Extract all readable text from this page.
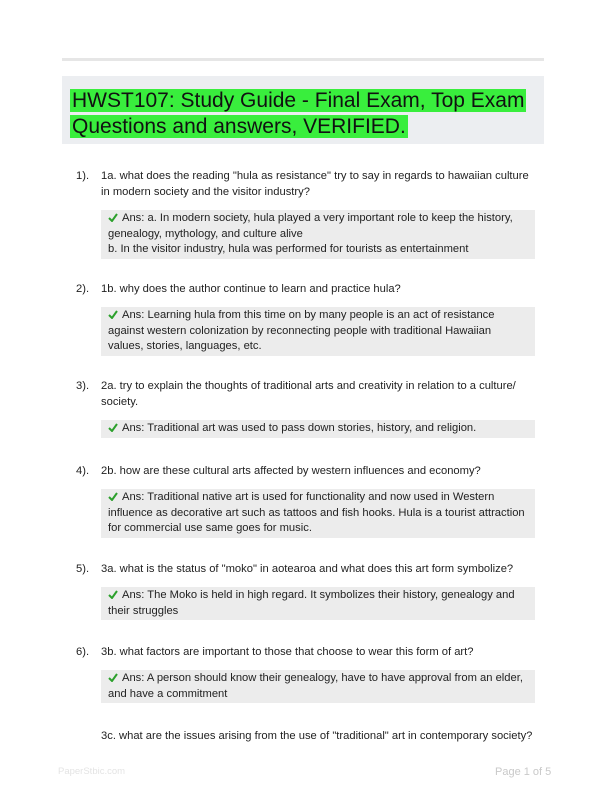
HWST107: Study Guide - Final Exam, Top Exam
Questions and answers, VERIFIED.
1). 1a. what does the reading "hula as resistance" try to say in regards to hawaiian culture in modern society and the visitor industry?
Ans: a. In modern society, hula played a very important role to keep the history, genealogy, mythology, and culture alive
b. In the visitor industry, hula was performed for tourists as entertainment
2). 1b. why does the author continue to learn and practice hula?
Ans: Learning hula from this time on by many people is an act of resistance against western colonization by reconnecting people with traditional Hawaiian values, stories, languages, etc.
3). 2a. try to explain the thoughts of traditional arts and creativity in relation to a culture/ society.
Ans: Traditional art was used to pass down stories, history, and religion.
4). 2b. how are these cultural arts affected by western influences and economy?
Ans: Traditional native art is used for functionality and now used in Western influence as decorative art such as tattoos and fish hooks. Hula is a tourist attraction for commercial use same goes for music.
5). 3a. what is the status of "moko" in aotearoa and what does this art form symbolize?
Ans: The Moko is held in high regard. It symbolizes their history, genealogy and their struggles
6). 3b. what factors are important to those that choose to wear this form of art?
Ans: A person should know their genealogy, have to have approval from an elder, and have a commitment
3c. what are the issues arising from the use of "traditional" art in contemporary society?
PaperStbic.com	Page 1 of 5
